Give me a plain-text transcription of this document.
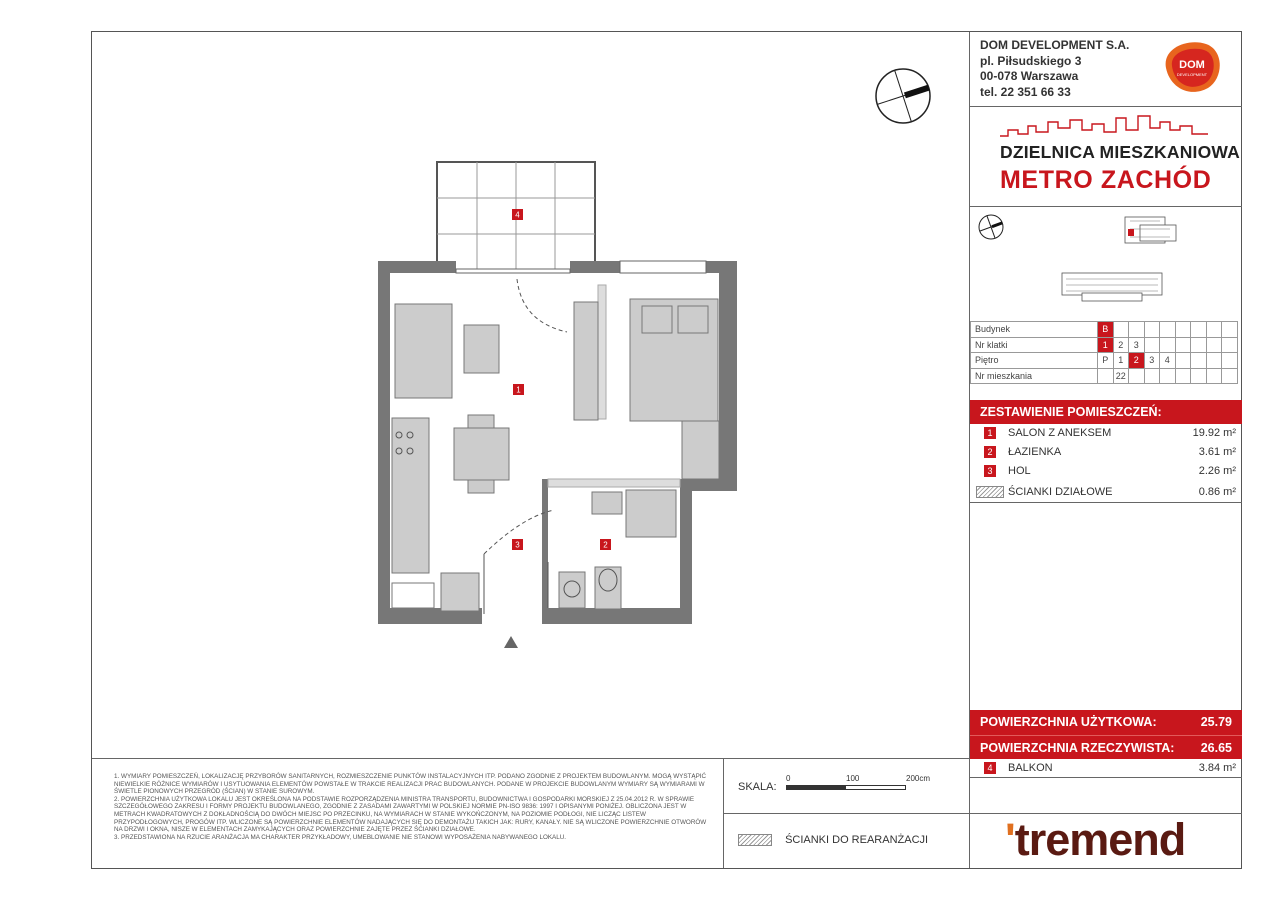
4
1
2
3
DOM DEVELOPMENT S.A.
pl. Piłsudskiego 3
00-078 Warszawa
tel. 22 351 66 33
DOM
DEVELOPMENT
DZIELNICA MIESZKANIOWA
METRO ZACHÓD
Budynek	B								
Nr klatki	1	2	3						
Piętro	P	1	2	3	4				
Nr mieszkania		22							
ZESTAWIENIE POMIESZCZEŃ:
1	SALON Z ANEKSEM	19.92 m²
2	ŁAZIENKA	3.61 m²
3	HOL	2.26 m²
ŚCIANKI DZIAŁOWE	0.86 m²
POWIERZCHNIA UŻYTKOWA:	25.79
POWIERZCHNIA RZECZYWISTA: 26.65
4	BALKON	3.84 m²

1. WYMIARY POMIESZCZEŃ, LOKALIZACJĘ PRZYBORÓW SANITARNYCH, ROZMIESZCZENIE PUNKTÓW INSTALACYJNYCH ITP. PODANO ZGODNIE Z PROJEKTEM BUDOWLANYM. MOGĄ WYSTĄPIĆ NIEWIELKIE RÓŻNICE WYMIARÓW I USYTUOWANIA ELEMENTÓW POWSTAŁE W TRAKCIE REALIZACJI PRAC BUDOWLANYCH. PODANE W PROJEKCIE BUDOWLANYM WYMIARY SĄ WYMIARAMI W ŚWIETLE PIONOWYCH PRZEGRÓD (ŚCIAN) W STANIE SUROWYM.

2. POWIERZCHNIA UŻYTKOWA LOKALU JEST OKREŚLONA NA PODSTAWIE ROZPORZĄDZENIA MINISTRA TRANSPORTU, BUDOWNICTWA I GOSPODARKI MORSKIEJ Z 25.04.2012 R. W SPRAWIE SZCZEGÓŁOWEGO ZAKRESU I FORMY PROJEKTU BUDOWLANEGO, ZGODNIE Z ZASADAMI ZAWARTYMI W POLSKIEJ NORMIE PN-ISO 9836: 1997 I OPISANYMI PONIŻEJ. OBLICZONA JEST W METRACH KWADRATOWYCH Z DOKŁADNOŚCIĄ DO DWÓCH MIEJSC PO PRZECINKU, NA WYMIARACH W STANIE WYKOŃCZONYM, NA POZIOMIE PODŁOGI, NIE LICZĄC LISTEW PRZYPODŁOGOWYCH, PROGÓW ITP. WLICZONE SĄ POWIERZCHNIE ELEMENTÓW NADAJĄCYCH SIĘ DO DEMONTAŻU TAKICH JAK: RURY, KANAŁY. NIE SĄ WLICZONE POWIERZCHNIE OTWORÓW NA DRZWI I OKNA, NISZE W ELEMENTACH ZAMYKAJĄCYCH ORAZ POWIERZCHNIE ZAJĘTE PRZEZ ŚCIANKI DZIAŁOWE.

3. PRZEDSTAWIONA NA RZUCIE ARANŻACJA MA CHARAKTER PRZYKŁADOWY, UMEBLOWANIE NIE STANOWI WYPOSAŻENIA NABYWANEGO LOKALU.

SKALA:
0	100	200cm
ŚCIANKI DO REARANŻACJI 'tremend
